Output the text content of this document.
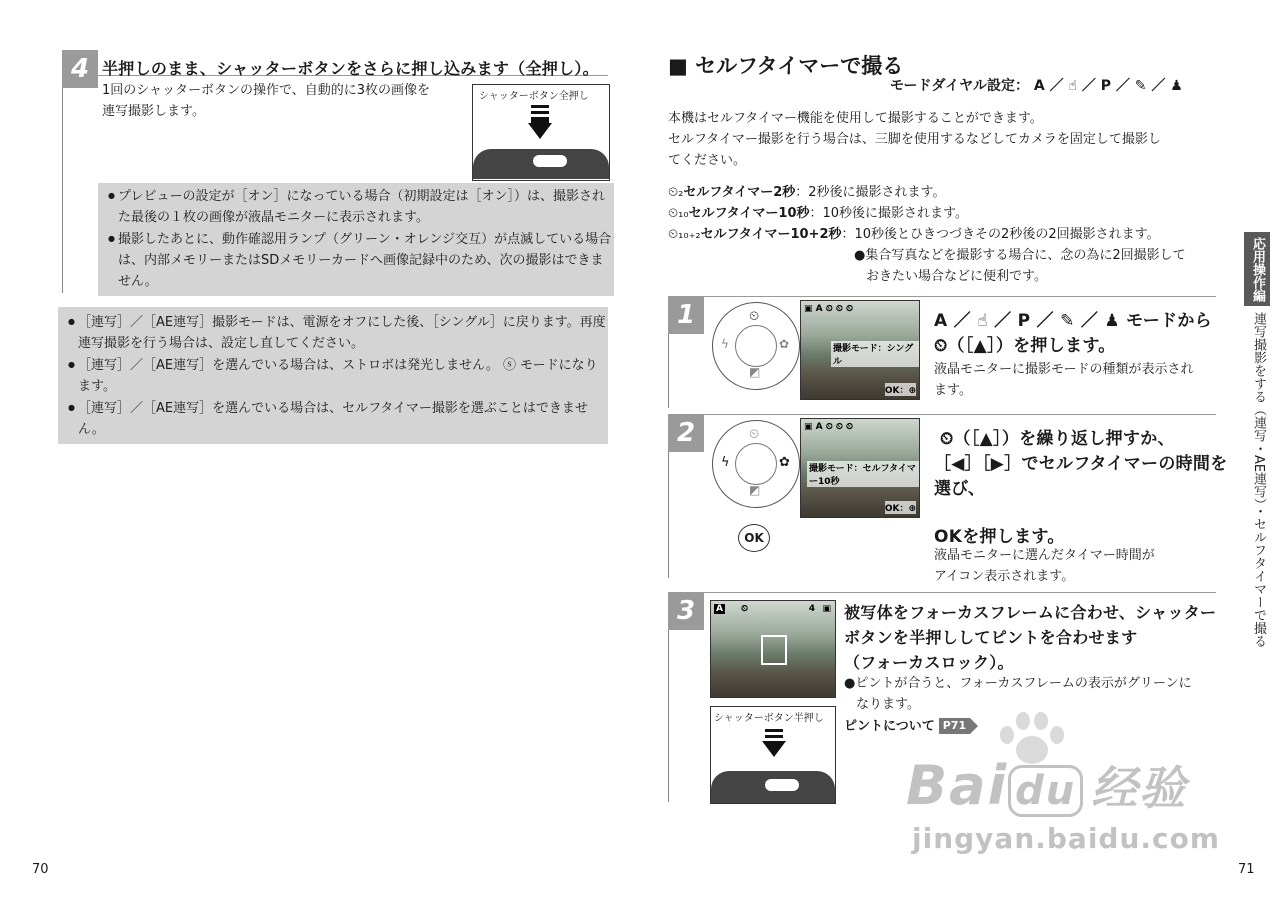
4 半押しのまま、シャッターボタンをさらに押し込みます（全押し）。
1回のシャッターボタンの操作で、自動的に3枚の画像を
連写撮影します。
シャッターボタン全押し
● プレビューの設定が［オン］になっている場合（初期設定は［オン］）は、撮影された最後の１枚の画像が液晶モニターに表示されます。
● 撮影したあとに、動作確認用ランプ（グリーン・オレンジ交互）が点滅している場合は、内部メモリーまたはSDメモリーカードへ画像記録中のため、次の撮影はできません。
● ［連写］／［AE連写］撮影モードは、電源をオフにした後、［シングル］に戻ります。再度連写撮影を行う場合は、設定し直してください。
● ［連写］／［AE連写］を選んでいる場合は、ストロボは発光しません。 ⓢ モードになります。
● ［連写］／［AE連写］を選んでいる場合は、セルフタイマー撮影を選ぶことはできません。
70
■ セルフタイマーで撮る
モードダイヤル設定： A ／ ☝ ／ P ／ ✎ ／ ♟
本機はセルフタイマー機能を使用して撮影することができます。
セルフタイマー撮影を行う場合は、三脚を使用するなどしてカメラを固定して撮影し
てください。
⏲₂セルフタイマー2秒：2秒後に撮影されます。
⏲₁₀セルフタイマー10秒：10秒後に撮影されます。
⏲₁₀₊₂セルフタイマー10+2秒：10秒後とひきつづきその2秒後の2回撮影されます。
●集合写真などを撮影する場合に、念の為に2回撮影して
おきたい場合などに便利です。
1	⏲
ϟ	✿
◩
▣ A ⏲ ⏲ ⏲
撮影モード：シングル
OK：⊕
A ／ ☝ ／ P ／ ✎ ／ ♟ モードから
⏲（［▲］）を押します。
液晶モニターに撮影モードの種類が表示され
ます。
2	⏲
ϟ	✿
◩
▣ A ⏲ ⏲ ⏲
撮影モード：セルフタイマー10秒
OK：⊕
⏲（［▲］）を繰り返し押すか、
［◀］［▶］でセルフタイマーの時間を
選び、
OK	OKを押します。
液晶モニターに選んだタイマー時間が
アイコン表示されます。
3	A ⏲	4 ▣
シャッターボタン半押し
被写体をフォーカスフレームに合わせ、シャッター
ボタンを半押ししてピントを合わせます
（フォーカスロック）。
●ピントが合うと、フォーカスフレームの表示がグリーンに
なります。
ピントについて P71
応用操作編
連写撮影をする（連写・AE連写）・セルフタイマーで撮る
71
Bai du 经验
jingyan.baidu.com
